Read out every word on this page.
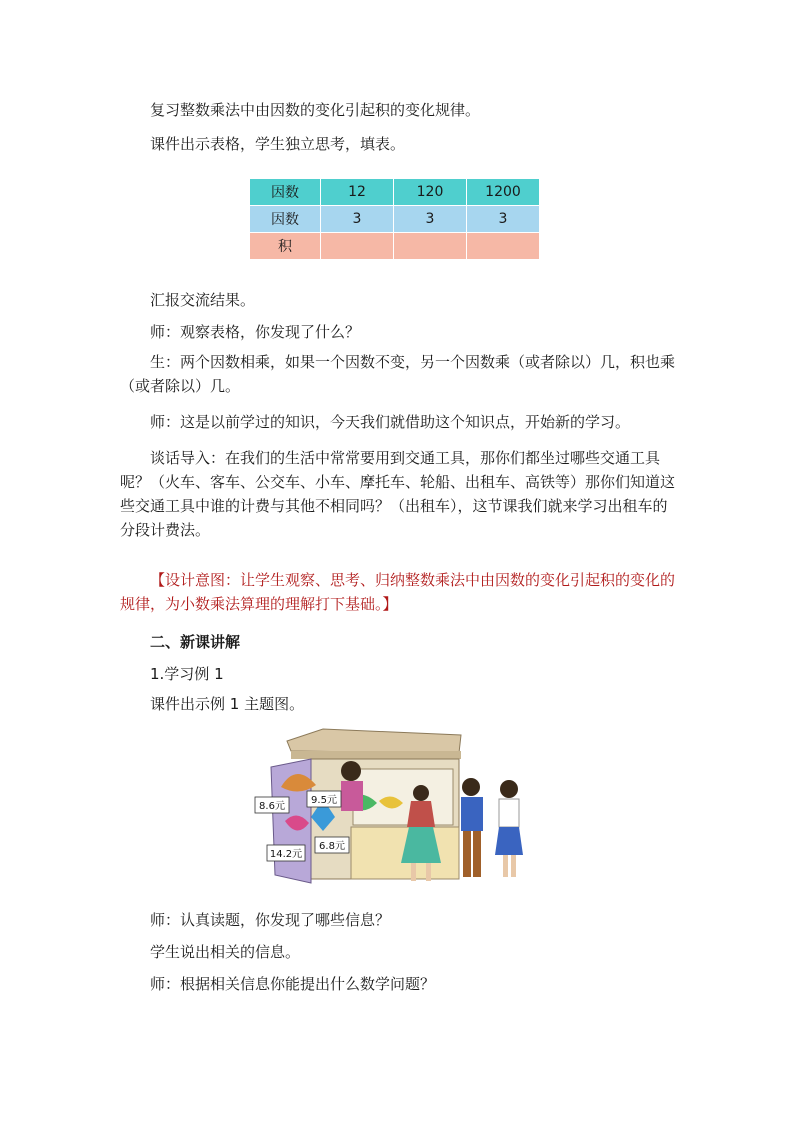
复习整数乘法中由因数的变化引起积的变化规律。

课件出示表格，学生独立思考，填表。

因数	12	120	1200
因数	3	3	3
积			

汇报交流结果。

师：观察表格，你发现了什么？

生：两个因数相乘，如果一个因数不变，另一个因数乘（或者除以）几，积也乘（或者除以）几。

师：这是以前学过的知识，今天我们就借助这个知识点，开始新的学习。

谈话导入：在我们的生活中常常要用到交通工具，那你们都坐过哪些交通工具呢？（火车、客车、公交车、小车、摩托车、轮船、出租车、高铁等）那你们知道这些交通工具中谁的计费与其他不相同吗？（出租车），这节课我们就来学习出租车的分段计费法。

【设计意图：让学生观察、思考、归纳整数乘法中由因数的变化引起积的变化的规律，为小数乘法算理的理解打下基础。】

二、新课讲解

1.学习例 1

课件出示例 1 主题图。

8.6元
9.5元
14.2元
6.8元

师：认真读题，你发现了哪些信息？

学生说出相关的信息。

师：根据相关信息你能提出什么数学问题？
